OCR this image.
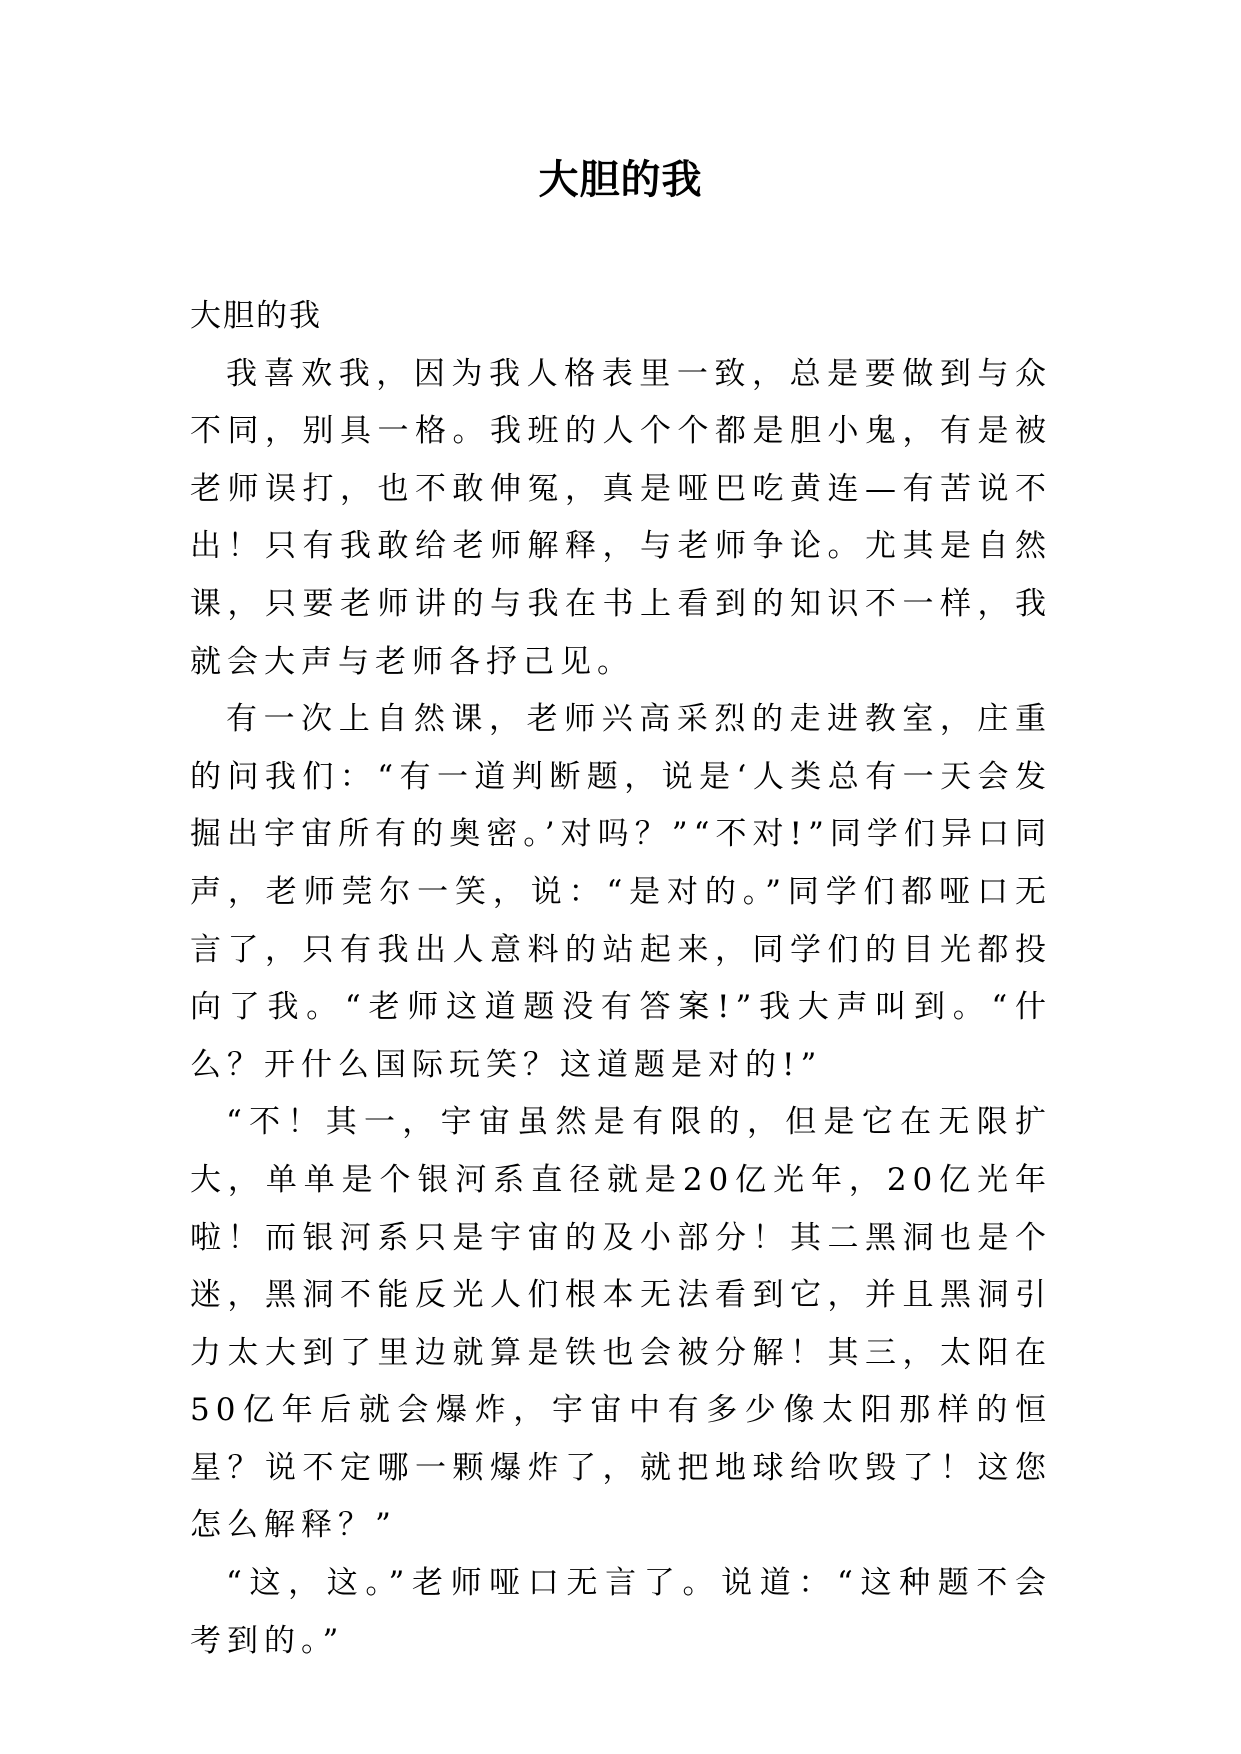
大胆的我

大胆的我

我喜欢我，因为我人格表里一致，总是要做到与众不同，别具一格。我班的人个个都是胆小鬼，有是被老师误打，也不敢伸冤，真是哑巴吃黄连—有苦说不出！只有我敢给老师解释，与老师争论。尤其是自然课，只要老师讲的与我在书上看到的知识不一样，我就会大声与老师各抒己见。

有一次上自然课，老师兴高采烈的走进教室，庄重的问我们：“有一道判断题，说是‘人类总有一天会发掘出宇宙所有的奥密。’对吗？”“不对!”同学们异口同声，老师莞尔一笑，说：“是对的。”同学们都哑口无言了，只有我出人意料的站起来，同学们的目光都投向了我。“老师这道题没有答案!”我大声叫到。“什么？开什么国际玩笑？这道题是对的!”

“不！其一，宇宙虽然是有限的，但是它在无限扩大，单单是个银河系直径就是20亿光年，20亿光年啦！而银河系只是宇宙的及小部分！其二黑洞也是个迷，黑洞不能反光人们根本无法看到它，并且黑洞引力太大到了里边就算是铁也会被分解！其三，太阳在50亿年后就会爆炸，宇宙中有多少像太阳那样的恒星？说不定哪一颗爆炸了，就把地球给吹毁了！这您怎么解释？”

“这，这。”老师哑口无言了。说道：“这种题不会考到的。”
